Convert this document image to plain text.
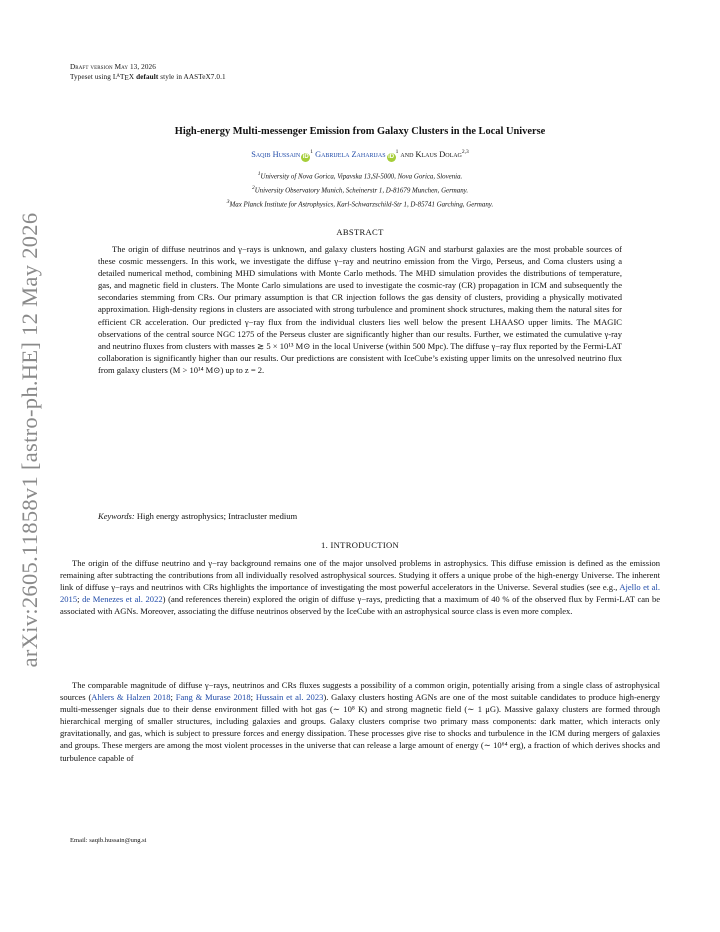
Draft version May 13, 2026
Typeset using $L^AT_EX$ default style in AASTeX7.0.1
arXiv:2605.11858v1 [astro-ph.HE] 12 May 2026
High-energy Multi-messenger Emission from Galaxy Clusters in the Local Universe
Saqib Hussain $iD^1$ Gabrijela Zaharijas $iD^1$ and Klaus Dolag$^{2,3}$
$^1$University of Nova Gorica, Vipavska 13,SI-5000, Nova Gorica, Slovenia.
$^2$University Observatory Munich, Scheinerstr 1, D-81679 Munchen, Germany.
$^3$Max Planck Institute for Astrophysics, Karl-Schwarzschild-Str 1, D-85741 Garching, Germany.
ABSTRACT

The origin of diffuse neutrinos and γ−rays is unknown, and galaxy clusters hosting AGN and starburst galaxies are the most probable sources of these cosmic messengers. In this work, we investigate the diffuse γ−ray and neutrino emission from the Virgo, Perseus, and Coma clusters using a detailed numerical method, combining MHD simulations with Monte Carlo methods. The MHD simulation provides the distributions of temperature, gas, and magnetic field in clusters. The Monte Carlo simulations are used to investigate the cosmic-ray (CR) propagation in ICM and subsequently the secondaries stemming from CRs. Our primary assumption is that CR injection follows the gas density of clusters, providing a physically motivated approximation. High-density regions in clusters are associated with strong turbulence and prominent shock structures, making them the natural sites for efficient CR acceleration. Our predicted γ−ray flux from the individual clusters lies well below the present LHAASO upper limits. The MAGIC observations of the central source NGC 1275 of the Perseus cluster are significantly higher than our results. Further, we estimated the cumulative γ-ray and neutrino fluxes from clusters with masses ≳ 5 × 10¹³ M⊙ in the local Universe (within 500 Mpc). The diffuse γ−ray flux reported by the Fermi-LAT collaboration is significantly higher than our results. Our predictions are consistent with IceCube’s existing upper limits on the unresolved neutrino flux from galaxy clusters (M > 10¹⁴ M⊙) up to z = 2.

Keywords: High energy astrophysics; Intracluster medium
1. INTRODUCTION

The origin of the diffuse neutrino and γ−ray background remains one of the major unsolved problems in astrophysics. This diffuse emission is defined as the emission remaining after subtracting the contributions from all individually resolved astrophysical sources. Studying it offers a unique probe of the high-energy Universe. The inherent link of diffuse γ−rays and neutrinos with CRs highlights the importance of investigating the most powerful accelerators in the Universe. Several studies (see e.g., Ajello et al. 2015; de Menezes et al. 2022) (and references therein) explored the origin of diffuse γ−rays, predicting that a maximum of 40 % of the observed flux by Fermi-LAT can be associated with AGNs. Moreover, associating the diffuse neutrinos observed by the IceCube with an astrophysical source class is even more complex.

The comparable magnitude of diffuse γ−rays, neutrinos and CRs fluxes suggests a possibility of a common origin, potentially arising from a single class of astrophysical sources (Ahlers & Halzen 2018; Fang & Murase 2018; Hussain et al. 2023). Galaxy clusters hosting AGNs are one of the most suitable candidates to produce high-energy multi-messenger signals due to their dense environment filled with hot gas (∼ 10⁸ K) and strong magnetic field (∼ 1 μG). Massive galaxy clusters are formed through hierarchical merging of smaller structures, including galaxies and groups. Galaxy clusters comprise two primary mass components: dark matter, which interacts only gravitationally, and gas, which is subject to pressure forces and energy dissipation. These processes give rise to shocks and turbulence in the ICM during mergers of galaxies and groups. These mergers are among the most violent processes in the universe that can release a large amount of energy (∼ 10⁶⁴ erg), a fraction of which derives shocks and turbulence capable of

Email: saqib.hussain@ung.si
